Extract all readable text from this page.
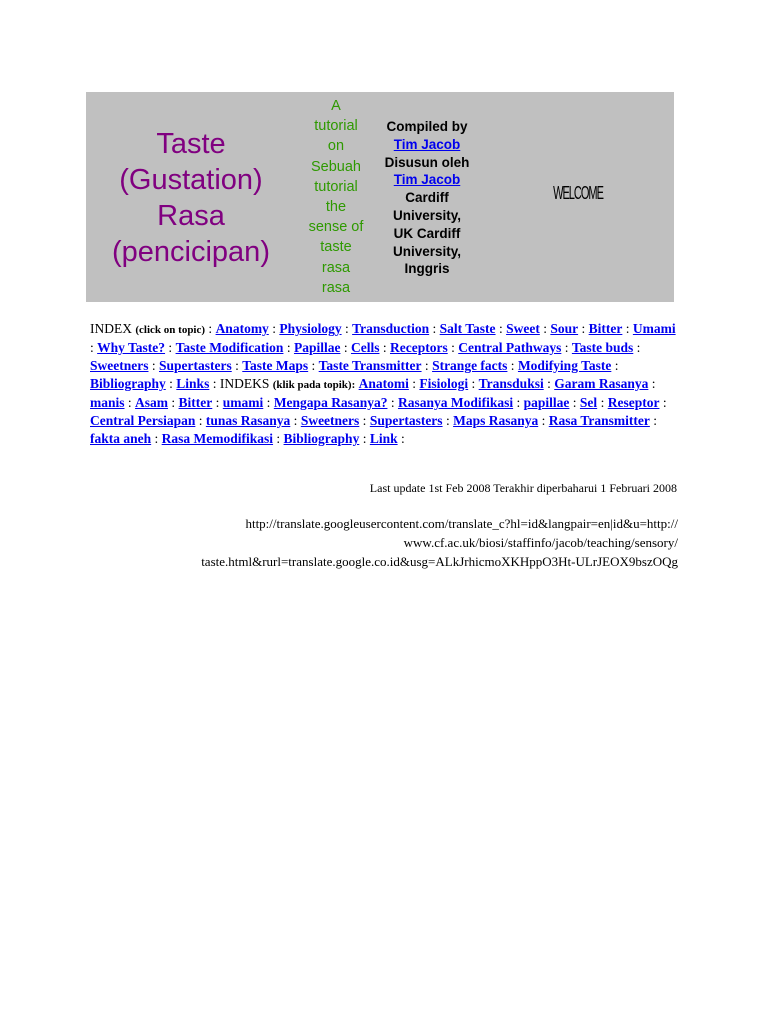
Taste
(Gustation)
Rasa
(pencicipan)
A
tutorial
on
Sebuah
tutorial
the
sense of
taste
rasa
rasa
Compiled by
Tim Jacob
Disusun oleh
Tim Jacob
Cardiff
University,
UK Cardiff
University,
Inggris
WELCOME
INDEX (click on topic) : Anatomy : Physiology : Transduction : Salt Taste : Sweet : Sour : Bitter : Umami : Why Taste? : Taste Modification : Papillae : Cells : Receptors : Central Pathways : Taste buds : Sweetners : Supertasters : Taste Maps : Taste Transmitter : Strange facts : Modifying Taste : Bibliography : Links : INDEKS (klik pada topik): Anatomi : Fisiologi : Transduksi : Garam Rasanya : manis : Asam : Bitter : umami : Mengapa Rasanya? : Rasanya Modifikasi : papillae : Sel : Reseptor : Central Persiapan : tunas Rasanya : Sweetners : Supertasters : Maps Rasanya : Rasa Transmitter : fakta aneh : Rasa Memodifikasi : Bibliography : Link :
Last update 1st Feb 2008 Terakhir diperbaharui 1 Februari 2008
http://translate.googleusercontent.com/translate_c?hl=id&langpair=en|id&u=http://
www.cf.ac.uk/biosi/staffinfo/jacob/teaching/sensory/
taste.html&rurl=translate.google.co.id&usg=ALkJrhicmoXKHppO3Ht-ULrJEOX9bszOQg
